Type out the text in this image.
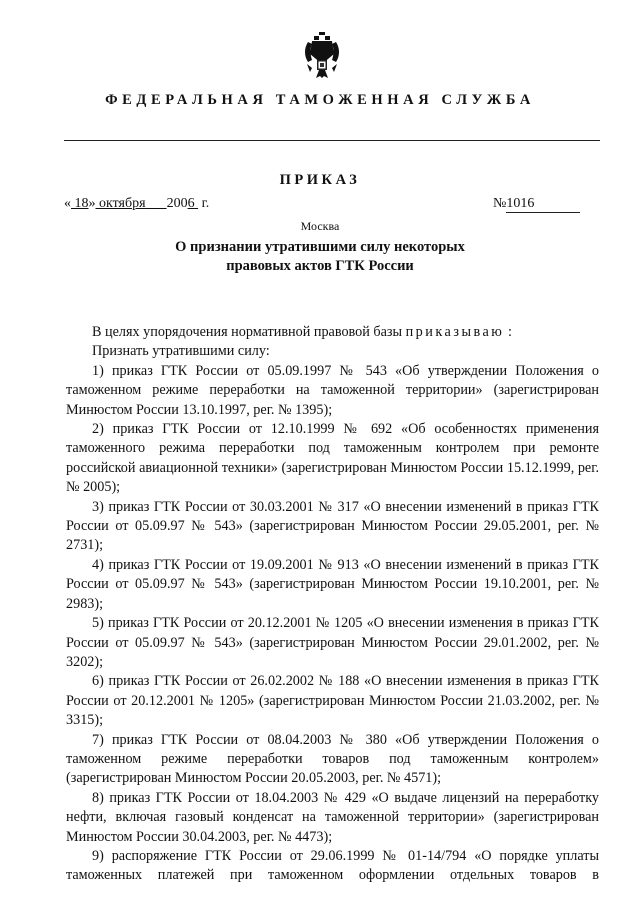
ФЕДЕРАЛЬНАЯ ТАМОЖЕННАЯ СЛУЖБА
ПРИКАЗ
« 18» октября 2006 г.	№1016
Москва
О признании утратившими силу некоторых
правовых актов ГТК России

В целях упорядочения нормативной правовой базы приказываю :

Признать утратившими силу:

1) приказ ГТК России от 05.09.1997 № 543 «Об утверждении Положения о таможенном режиме переработки на таможенной территории» (зарегистрирован Минюстом России 13.10.1997, рег. № 1395);

2) приказ ГТК России от 12.10.1999 № 692 «Об особенностях применения таможенного режима переработки под таможенным контролем при ремонте российской авиационной техники» (зарегистрирован Минюстом России 15.12.1999, рег. № 2005);

3) приказ ГТК России от 30.03.2001 № 317 «О внесении изменений в приказ ГТК России от 05.09.97 № 543» (зарегистрирован Минюстом России 29.05.2001, рег. № 2731);

4) приказ ГТК России от 19.09.2001 № 913 «О внесении изменений в приказ ГТК России от 05.09.97 № 543» (зарегистрирован Минюстом России 19.10.2001, рег. № 2983);

5) приказ ГТК России от 20.12.2001 № 1205 «О внесении изменения в приказ ГТК России от 05.09.97 № 543» (зарегистрирован Минюстом России 29.01.2002, рег. № 3202);

6) приказ ГТК России от 26.02.2002 № 188 «О внесении изменения в приказ ГТК России от 20.12.2001 № 1205» (зарегистрирован Минюстом России 21.03.2002, рег. № 3315);

7) приказ ГТК России от 08.04.2003 № 380 «Об утверждении Положения о таможенном режиме переработки товаров под таможенным контролем» (зарегистрирован Минюстом России 20.05.2003, рег. № 4571);

8) приказ ГТК России от 18.04.2003 № 429 «О выдаче лицензий на переработку нефти, включая газовый конденсат на таможенной территории» (зарегистрирован Минюстом России 30.04.2003, рег. № 4473);

9) распоряжение ГТК России от 29.06.1999 № 01-14/794 «О порядке уплаты таможенных платежей при таможенном оформлении отдельных товаров в
